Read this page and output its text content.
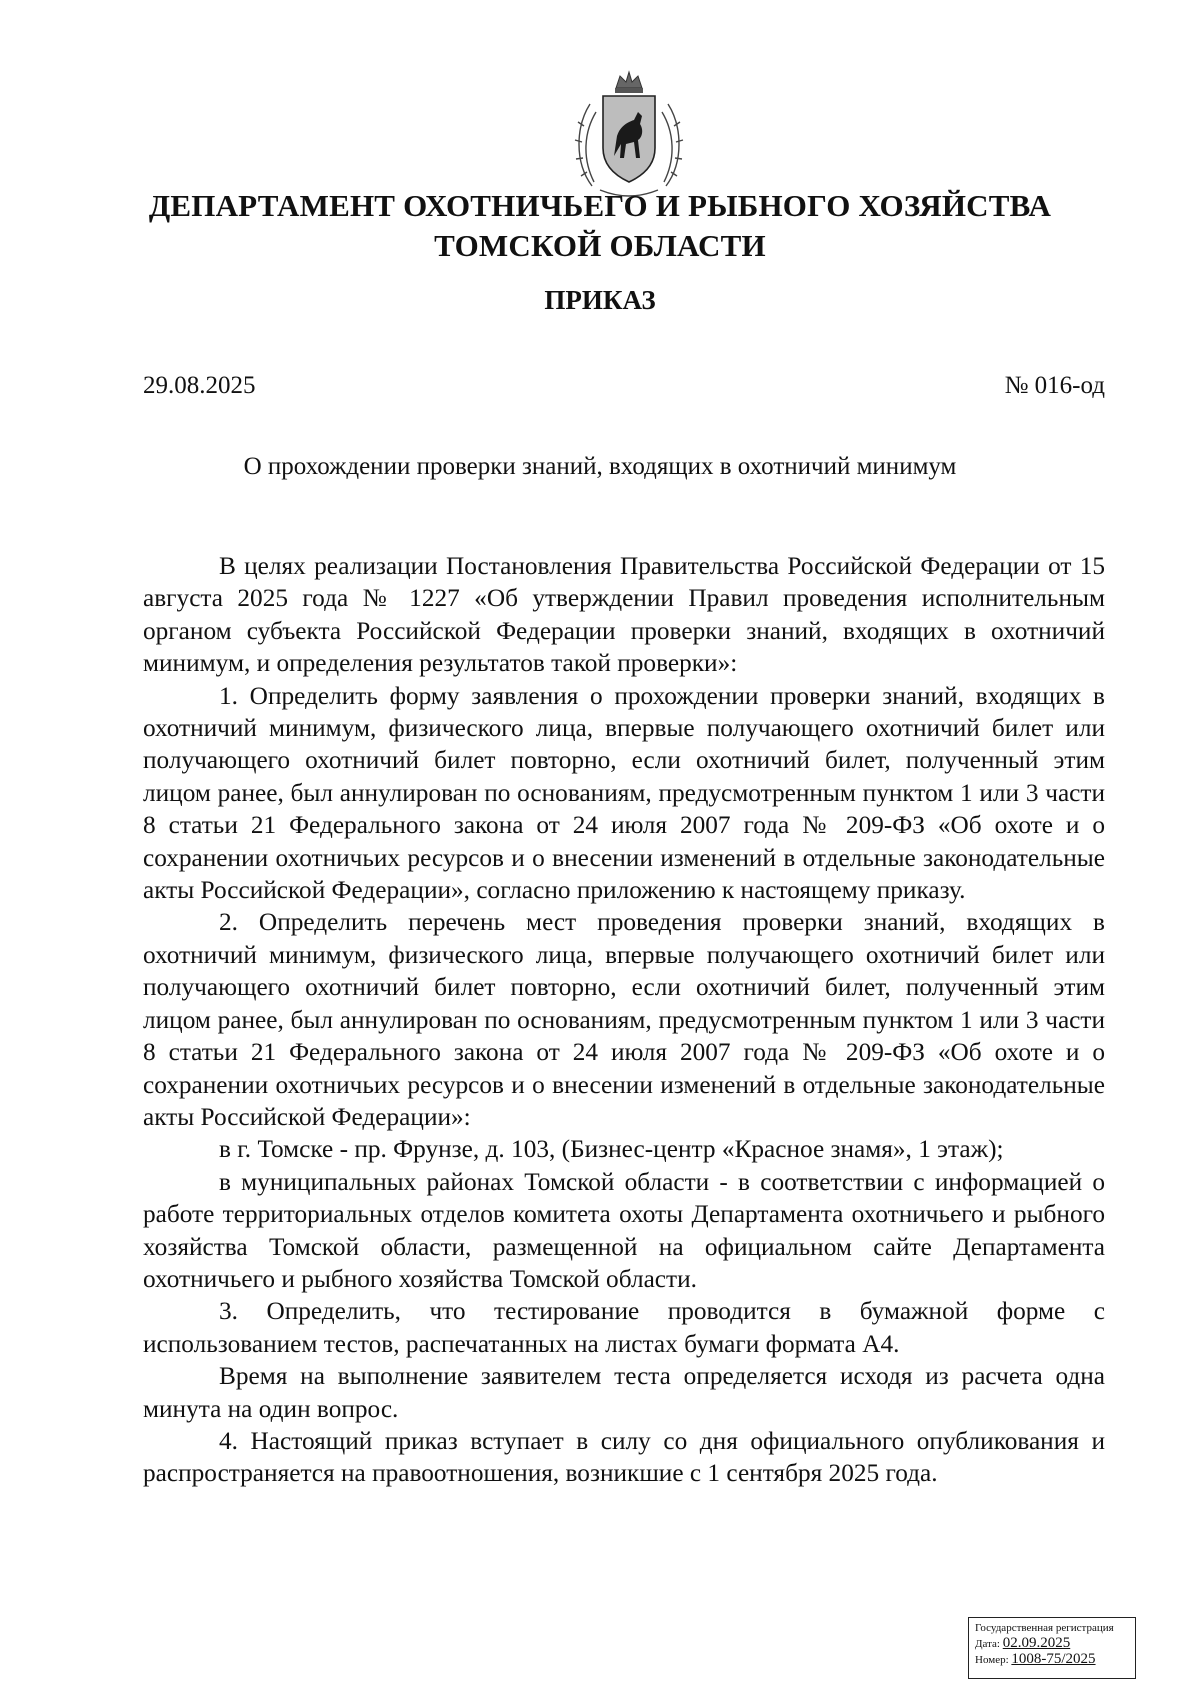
ДЕПАРТАМЕНТ ОХОТНИЧЬЕГО И РЫБНОГО ХОЗЯЙСТВА
ТОМСКОЙ ОБЛАСТИ
ПРИКАЗ
29.08.2025	№ 016-од
О прохождении проверки знаний, входящих в охотничий минимум

В целях реализации Постановления Правительства Российской Федерации от 15 августа 2025 года № 1227 «Об утверждении Правил проведения исполнительным органом субъекта Российской Федерации проверки знаний, входящих в охотничий минимум, и определения результатов такой проверки»:

1. Определить форму заявления о прохождении проверки знаний, входящих в охотничий минимум, физического лица, впервые получающего охотничий билет или получающего охотничий билет повторно, если охотничий билет, полученный этим лицом ранее, был аннулирован по основаниям, предусмотренным пунктом 1 или 3 части 8 статьи 21 Федерального закона от 24 июля 2007 года № 209-ФЗ «Об охоте и о сохранении охотничьих ресурсов и о внесении изменений в отдельные законодательные акты Российской Федерации», согласно приложению к настоящему приказу.

2. Определить перечень мест проведения проверки знаний, входящих в охотничий минимум, физического лица, впервые получающего охотничий билет или получающего охотничий билет повторно, если охотничий билет, полученный этим лицом ранее, был аннулирован по основаниям, предусмотренным пунктом 1 или 3 части 8 статьи 21 Федерального закона от 24 июля 2007 года № 209-ФЗ «Об охоте и о сохранении охотничьих ресурсов и о внесении изменений в отдельные законодательные акты Российской Федерации»:

в г. Томске - пр. Фрунзе, д. 103, (Бизнес-центр «Красное знамя», 1 этаж);

в муниципальных районах Томской области - в соответствии с информацией о работе территориальных отделов комитета охоты Департамента охотничьего и рыбного хозяйства Томской области, размещенной на официальном сайте Департамента охотничьего и рыбного хозяйства Томской области.

3. Определить, что тестирование проводится в бумажной форме с использованием тестов, распечатанных на листах бумаги формата А4.

Время на выполнение заявителем теста определяется исходя из расчета одна минута на один вопрос.

4. Настоящий приказ вступает в силу со дня официального опубликования и распространяется на правоотношения, возникшие с 1 сентября 2025 года.

Государственная регистрация
Дата: 02.09.2025
Номер: 1008-75/2025
